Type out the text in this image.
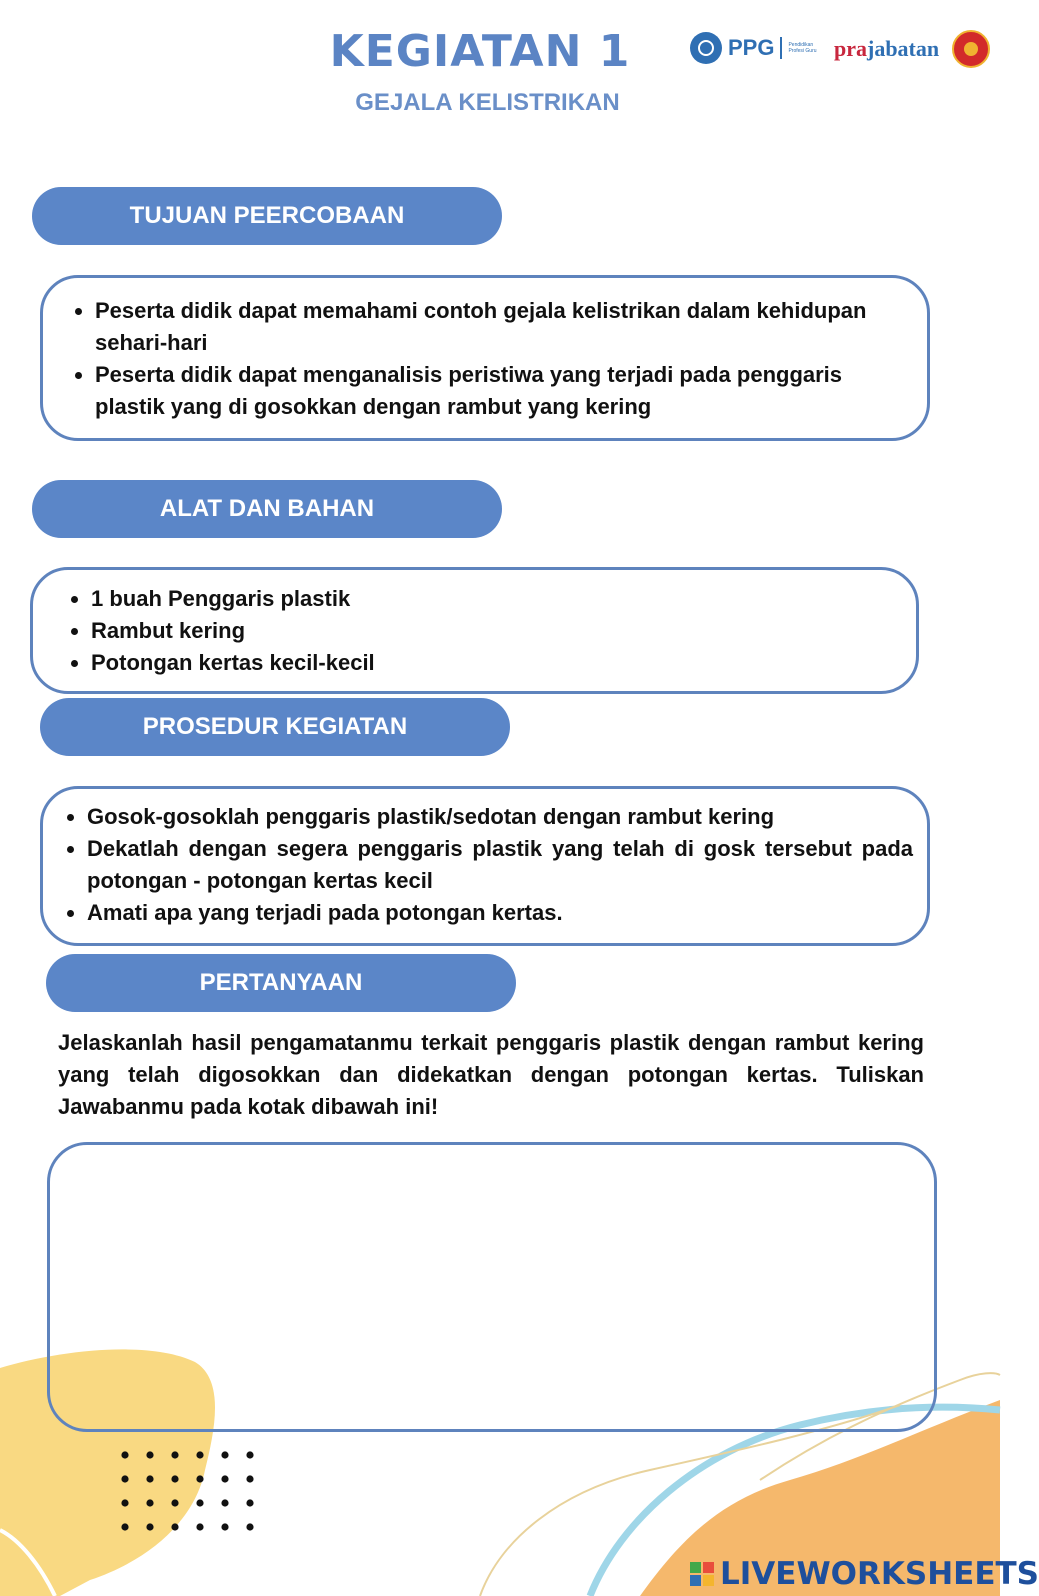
KEGIATAN 1
GEJALA KELISTRIKAN
PPG	Pendidikan Profesi Guru prajabatan
TUJUAN PEERCOBAAN
• Peserta didik dapat memahami contoh gejala kelistrikan dalam kehidupan sehari-hari
• Peserta didik dapat menganalisis peristiwa yang terjadi pada penggaris plastik yang di gosokkan dengan rambut yang kering
ALAT DAN BAHAN
• 1 buah Penggaris plastik
• Rambut kering
• Potongan kertas kecil-kecil
PROSEDUR KEGIATAN
• Gosok-gosoklah penggaris plastik/sedotan dengan rambut kering
• Dekatlah dengan segera penggaris plastik yang telah di gosk tersebut pada potongan - potongan kertas kecil
• Amati apa yang terjadi pada potongan kertas.
PERTANYAAN
Jelaskanlah hasil pengamatanmu terkait penggaris plastik dengan rambut kering yang telah digosokkan dan didekatkan dengan potongan kertas. Tuliskan Jawabanmu pada kotak dibawah ini!
LIVEWORKSHEETS
